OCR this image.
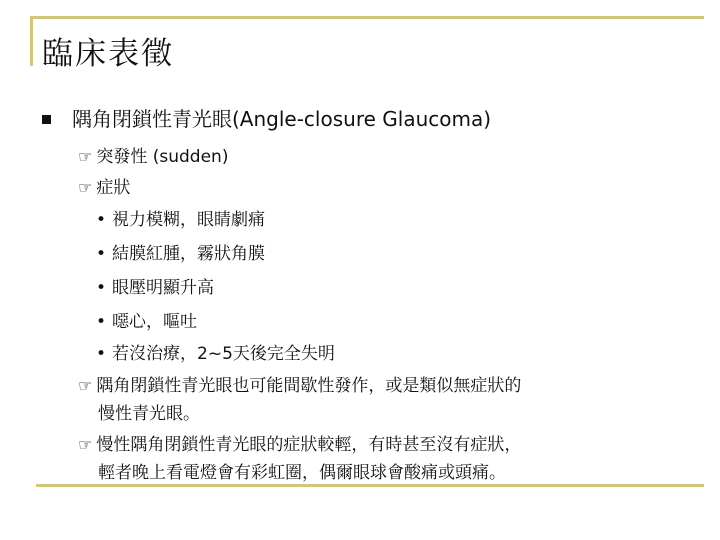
臨床表徵
隅角閉鎖性青光眼(Angle-closure Glaucoma)
☞ 突發性 (sudden)
☞ 症狀
• 視力模糊，眼睛劇痛
• 結膜紅腫，霧狀角膜
• 眼壓明顯升高
• 噁心，嘔吐
• 若沒治療，2~5天後完全失明
☞ 隅角閉鎖性青光眼也可能間歇性發作，或是類似無症狀的
慢性青光眼。
☞ 慢性隅角閉鎖性青光眼的症狀較輕，有時甚至沒有症狀，
輕者晚上看電燈會有彩虹圈，偶爾眼球會酸痛或頭痛。
